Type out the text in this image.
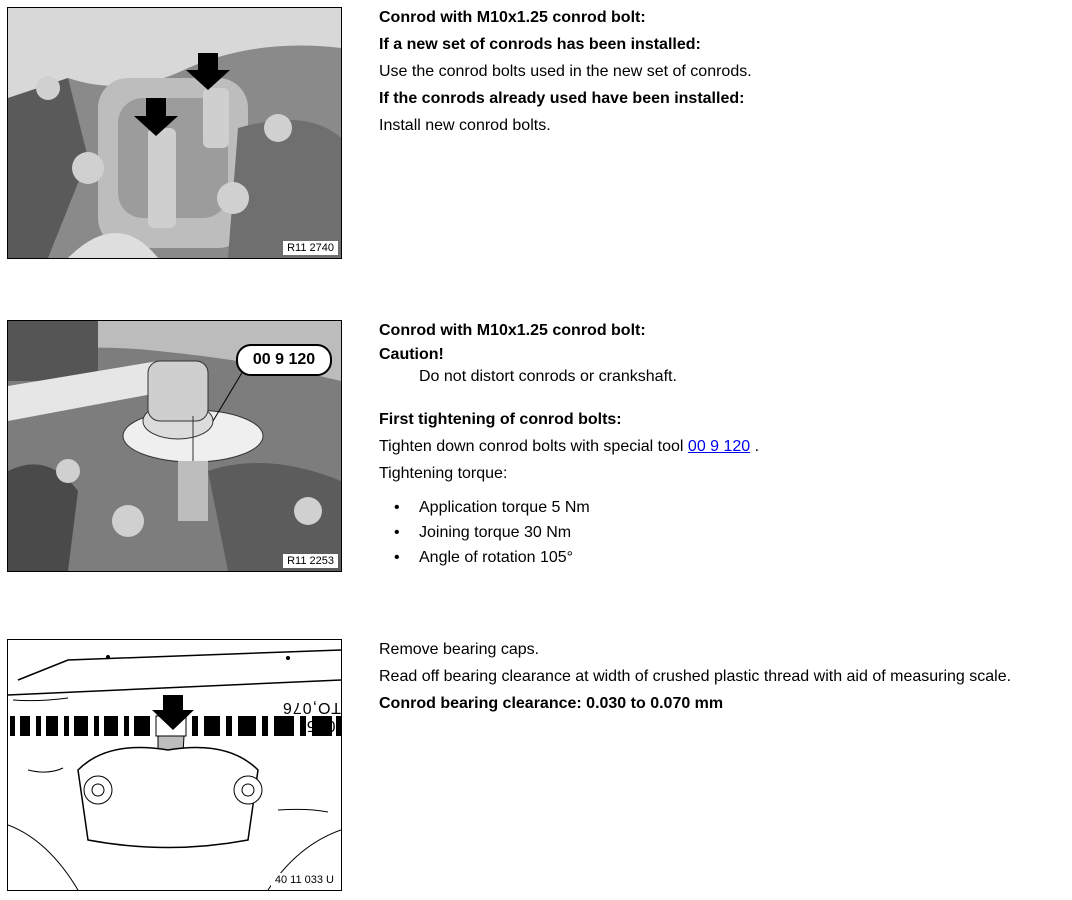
R11 2740
Conrod with M10x1.25 conrod bolt:
If a new set of conrods has been installed:
Use the conrod bolts used in the new set of conrods.
If the conrods already used have been installed:
Install new conrod bolts.
00 9 120
R11 2253
Conrod with M10x1.25 conrod bolt:
Caution!
Do not distort conrods or crankshaft.
First tightening of conrod bolts:
Tighten down conrod bolts with special tool 00 9 120 .
Tightening torque:
• Application torque 5 Nm
• Joining torque 30 Nm
• Angle of rotation 105°
,025 TO,076
40 11 033 U
Remove bearing caps.
Read off bearing clearance at width of crushed plastic thread with aid of measuring scale.
Conrod bearing clearance: 0.030 to 0.070 mm
